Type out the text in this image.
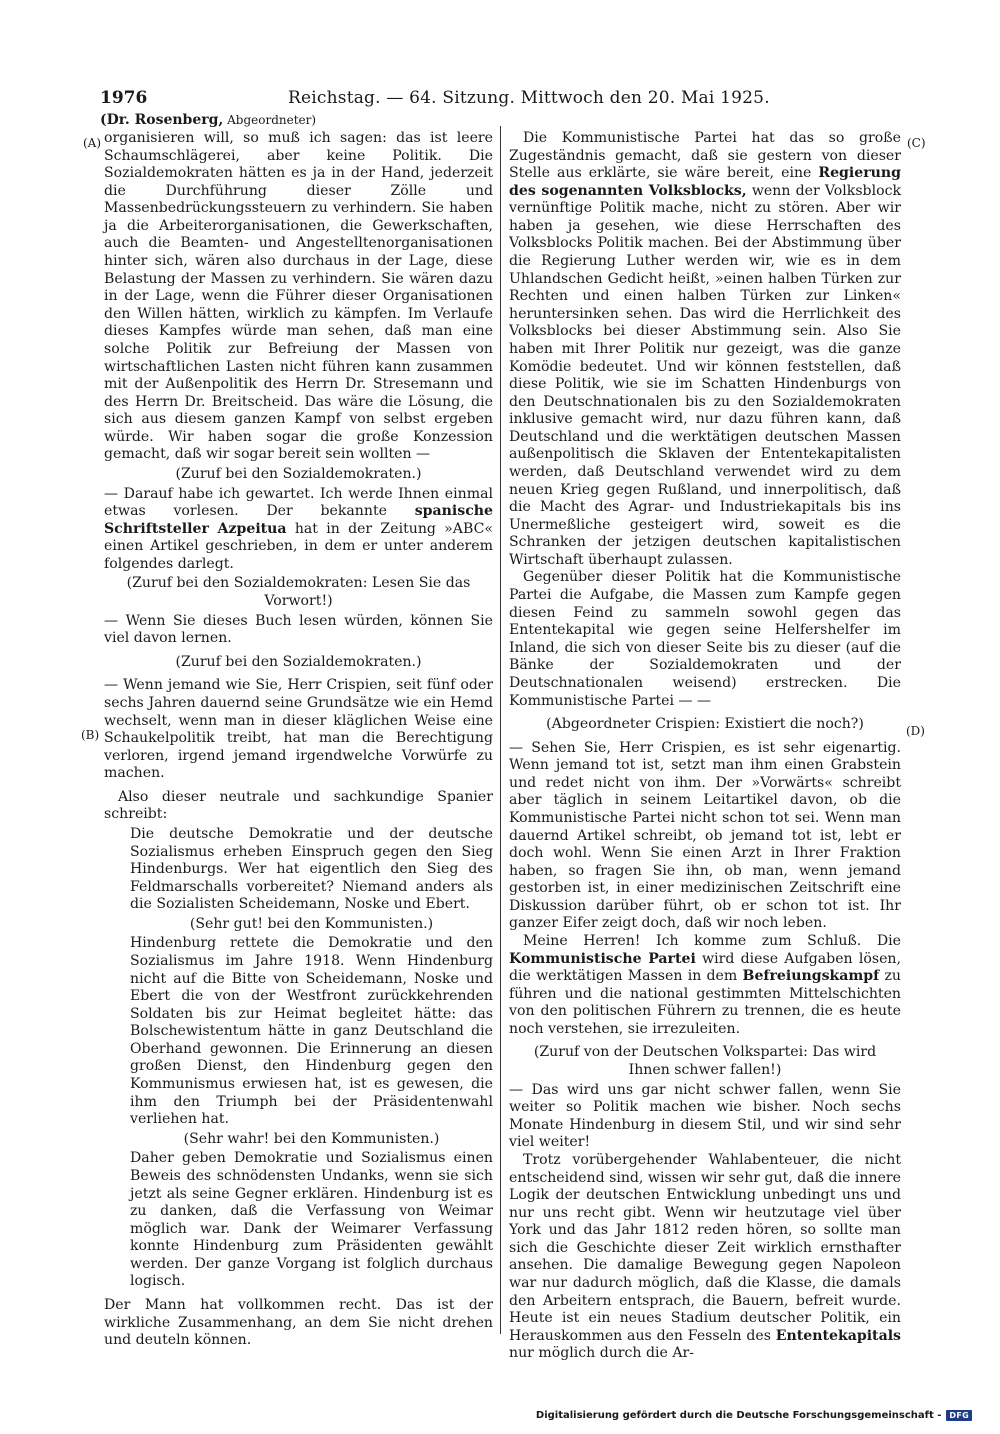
1976	Reichstag. — 64. Sitzung. Mittwoch den 20. Mai 1925.
(Dr. Rosenberg, Abgeordneter)
(A)
(B)
(C)
(D)

organisieren will, so muß ich sagen: das ist leere Schaumschlägerei, aber keine Politik. Die Sozialdemokraten hätten es ja in der Hand, jederzeit die Durchführung dieser Zölle und Massenbedrückungssteuern zu verhindern. Sie haben ja die Arbeiterorganisationen, die Gewerkschaften, auch die Beamten- und Angestelltenorganisationen hinter sich, wären also durchaus in der Lage, diese Belastung der Massen zu verhindern. Sie wären dazu in der Lage, wenn die Führer dieser Organisationen den Willen hätten, wirklich zu kämpfen. Im Verlaufe dieses Kampfes würde man sehen, daß man eine solche Politik zur Befreiung der Massen von wirtschaftlichen Lasten nicht führen kann zusammen mit der Außenpolitik des Herrn Dr. Stresemann und des Herrn Dr. Breitscheid. Das wäre die Lösung, die sich aus diesem ganzen Kampf von selbst ergeben würde. Wir haben sogar die große Konzession gemacht, daß wir sogar bereit sein wollten —

(Zuruf bei den Sozialdemokraten.)

— Darauf habe ich gewartet. Ich werde Ihnen einmal etwas vorlesen. Der bekannte spanische Schriftsteller Azpeitua hat in der Zeitung »ABC« einen Artikel geschrieben, in dem er unter anderem folgendes darlegt.

(Zuruf bei den Sozialdemokraten: Lesen Sie das Vorwort!)

— Wenn Sie dieses Buch lesen würden, können Sie viel davon lernen.

(Zuruf bei den Sozialdemokraten.)

— Wenn jemand wie Sie, Herr Crispien, seit fünf oder sechs Jahren dauernd seine Grundsätze wie ein Hemd wechselt, wenn man in dieser kläglichen Weise eine Schaukelpolitik treibt, hat man die Berechtigung verloren, irgend jemand irgendwelche Vorwürfe zu machen.

Also dieser neutrale und sachkundige Spanier schreibt:

Die deutsche Demokratie und der deutsche Sozialismus erheben Einspruch gegen den Sieg Hindenburgs. Wer hat eigentlich den Sieg des Feldmarschalls vorbereitet? Niemand anders als die Sozialisten Scheidemann, Noske und Ebert.

(Sehr gut! bei den Kommunisten.)

Hindenburg rettete die Demokratie und den Sozialismus im Jahre 1918. Wenn Hindenburg nicht auf die Bitte von Scheidemann, Noske und Ebert die von der Westfront zurückkehrenden Soldaten bis zur Heimat begleitet hätte: das Bolschewistentum hätte in ganz Deutschland die Oberhand gewonnen. Die Erinnerung an diesen großen Dienst, den Hindenburg gegen den Kommunismus erwiesen hat, ist es gewesen, die ihm den Triumph bei der Präsidentenwahl verliehen hat.

(Sehr wahr! bei den Kommunisten.)

Daher geben Demokratie und Sozialismus einen Beweis des schnödensten Undanks, wenn sie sich jetzt als seine Gegner erklären. Hindenburg ist es zu danken, daß die Verfassung von Weimar möglich war. Dank der Weimarer Verfassung konnte Hindenburg zum Präsidenten gewählt werden. Der ganze Vorgang ist folglich durchaus logisch.

Der Mann hat vollkommen recht. Das ist der wirkliche Zusammenhang, an dem Sie nicht drehen und deuteln können.

Die Kommunistische Partei hat das so große Zugeständnis gemacht, daß sie gestern von dieser Stelle aus erklärte, sie wäre bereit, eine Regierung des sogenannten Volksblocks, wenn der Volksblock vernünftige Politik mache, nicht zu stören. Aber wir haben ja gesehen, wie diese Herrschaften des Volksblocks Politik machen. Bei der Abstimmung über die Regierung Luther werden wir, wie es in dem Uhlandschen Gedicht heißt, »einen halben Türken zur Rechten und einen halben Türken zur Linken« heruntersinken sehen. Das wird die Herrlichkeit des Volksblocks bei dieser Abstimmung sein. Also Sie haben mit Ihrer Politik nur gezeigt, was die ganze Komödie bedeutet. Und wir können feststellen, daß diese Politik, wie sie im Schatten Hindenburgs von den Deutschnationalen bis zu den Sozialdemokraten inklusive gemacht wird, nur dazu führen kann, daß Deutschland und die werktätigen deutschen Massen außenpolitisch die Sklaven der Ententekapitalisten werden, daß Deutschland verwendet wird zu dem neuen Krieg gegen Rußland, und innerpolitisch, daß die Macht des Agrar- und Industriekapitals bis ins Unermeßliche gesteigert wird, soweit es die Schranken der jetzigen deutschen kapitalistischen Wirtschaft überhaupt zulassen.

Gegenüber dieser Politik hat die Kommunistische Partei die Aufgabe, die Massen zum Kampfe gegen diesen Feind zu sammeln sowohl gegen das Ententekapital wie gegen seine Helfershelfer im Inland, die sich von dieser Seite bis zu dieser (auf die Bänke der Sozialdemokraten und der Deutschnationalen weisend) erstrecken. Die Kommunistische Partei — —

(Abgeordneter Crispien: Existiert die noch?)

— Sehen Sie, Herr Crispien, es ist sehr eigenartig. Wenn jemand tot ist, setzt man ihm einen Grabstein und redet nicht von ihm. Der »Vorwärts« schreibt aber täglich in seinem Leitartikel davon, ob die Kommunistische Partei nicht schon tot sei. Wenn man dauernd Artikel schreibt, ob jemand tot ist, lebt er doch wohl. Wenn Sie einen Arzt in Ihrer Fraktion haben, so fragen Sie ihn, ob man, wenn jemand gestorben ist, in einer medizinischen Zeitschrift eine Diskussion darüber führt, ob er schon tot ist. Ihr ganzer Eifer zeigt doch, daß wir noch leben.

Meine Herren! Ich komme zum Schluß. Die Kommunistische Partei wird diese Aufgaben lösen, die werktätigen Massen in dem Befreiungskampf zu führen und die national gestimmten Mittelschichten von den politischen Führern zu trennen, die es heute noch verstehen, sie irrezuleiten.

(Zuruf von der Deutschen Volkspartei: Das wird Ihnen schwer fallen!)

— Das wird uns gar nicht schwer fallen, wenn Sie weiter so Politik machen wie bisher. Noch sechs Monate Hindenburg in diesem Stil, und wir sind sehr viel weiter!

Trotz vorübergehender Wahlabenteuer, die nicht entscheidend sind, wissen wir sehr gut, daß die innere Logik der deutschen Entwicklung unbedingt uns und nur uns recht gibt. Wenn wir heutzutage viel über York und das Jahr 1812 reden hören, so sollte man sich die Geschichte dieser Zeit wirklich ernsthafter ansehen. Die damalige Bewegung gegen Napoleon war nur dadurch möglich, daß die Klasse, die damals den Arbeitern entsprach, die Bauern, befreit wurde. Heute ist ein neues Stadium deutscher Politik, ein Herauskommen aus den Fesseln des Ententekapitals nur möglich durch die Ar-

Digitalisierung gefördert durch die Deutsche Forschungsgemeinschaft -	DFG
